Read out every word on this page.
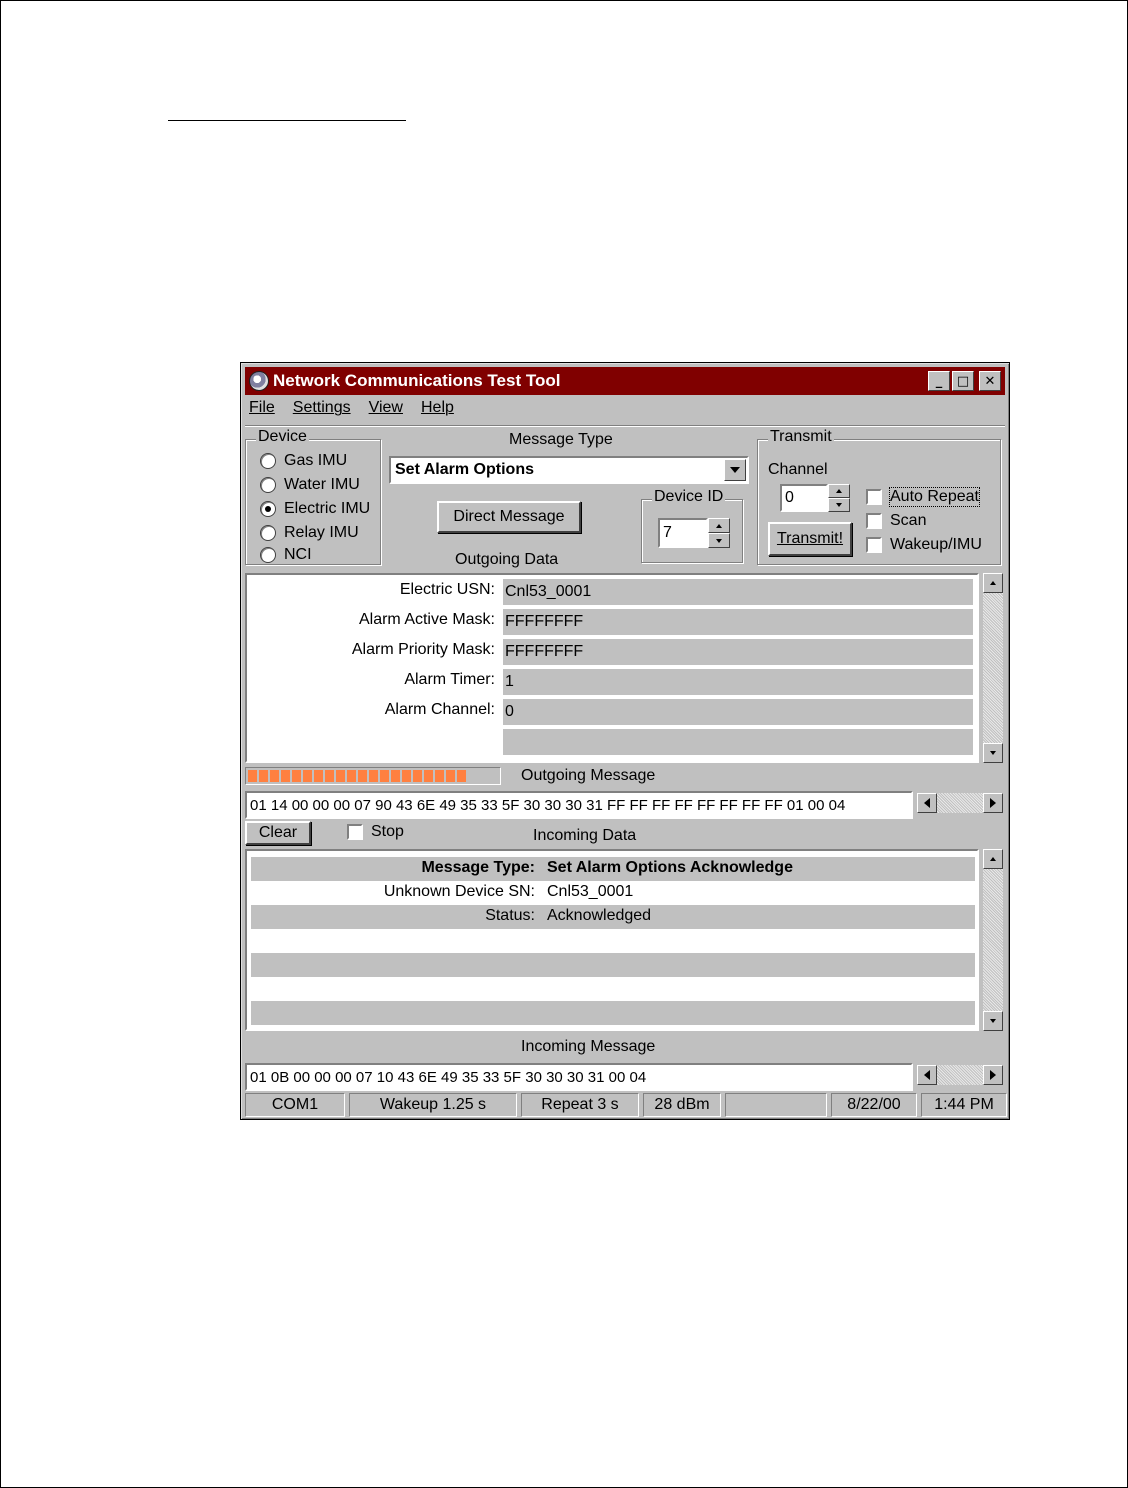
Network Communications Test Tool	_	□	✕
File Settings View Help
Device
Gas IMU
Water IMU
Electric IMU
Relay IMU
NCI
Message Type
Set Alarm Options
Direct Message
Device ID
7
Outgoing Data
Transmit
Channel
0
Transmit!
Auto Repeat
Scan
Wakeup/IMU
Electric USN: Cnl53_0001
Alarm Active Mask: FFFFFFFF
Alarm Priority Mask: FFFFFFFF
Alarm Timer: 1
Alarm Channel: 0
Outgoing Message
01 14 00 00 00 07 90 43 6E 49 35 33 5F 30 30 30 31 FF FF FF FF FF FF FF FF 01 00 04
Clear	Stop	Incoming Data
Message Type: Set Alarm Options Acknowledge
Unknown Device SN: Cnl53_0001
Status: Acknowledged
Incoming Message
01 0B 00 00 00 07 10 43 6E 49 35 33 5F 30 30 30 31 00 04
COM1	Wakeup 1.25 s	Repeat 3 s	28 dBm	8/22/00	1:44 PM
